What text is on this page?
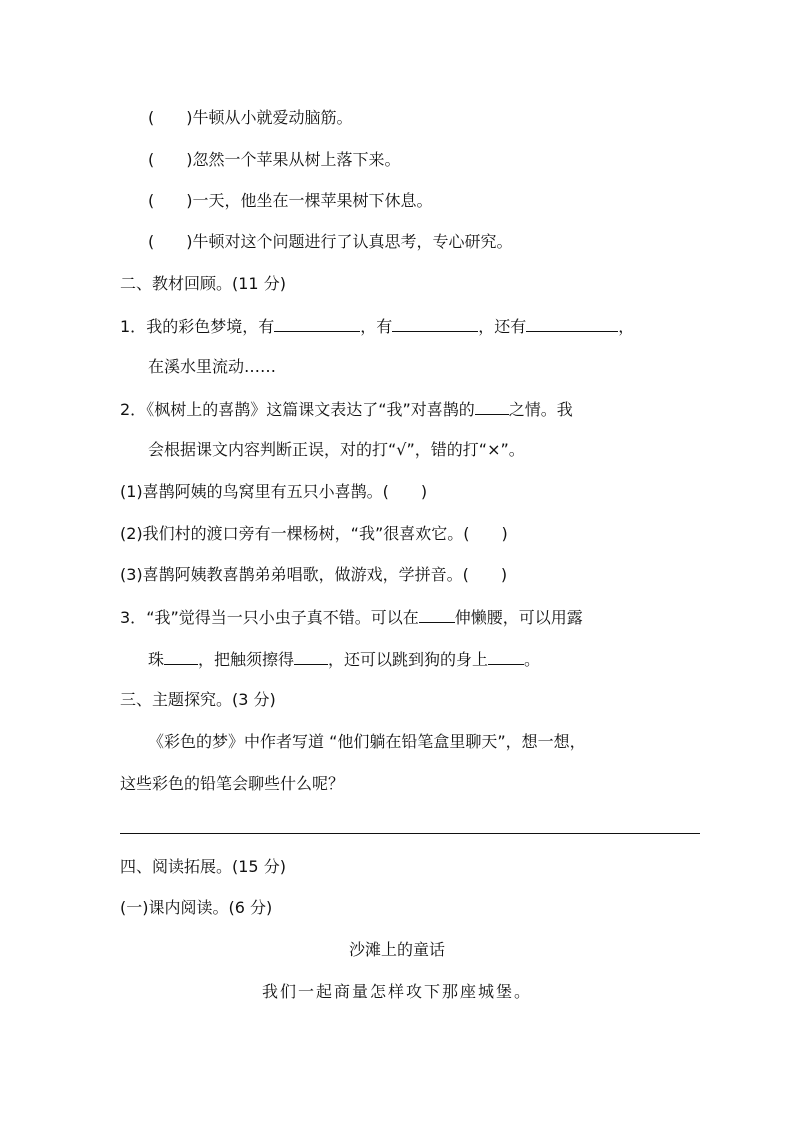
(　　)牛顿从小就爱动脑筋。
(　　)忽然一个苹果从树上落下来。
(　　)一天，他坐在一棵苹果树下休息。
(　　)牛顿对这个问题进行了认真思考，专心研究。
二、教材回顾。(11 分)
1．我的彩色梦境，有	，有	，还有	，
在溪水里流动……
2．《枫树上的喜鹊》这篇课文表达了“我”对喜鹊的 之情。我
会根据课文内容判断正误，对的打“√”，错的打“×”。
(1)喜鹊阿姨的鸟窝里有五只小喜鹊。(　　)
(2)我们村的渡口旁有一棵杨树，“我”很喜欢它。(　　)
(3)喜鹊阿姨教喜鹊弟弟唱歌，做游戏，学拼音。(　　)
3．“我”觉得当一只小虫子真不错。可以在 伸懒腰，可以用露
珠 ，把触须擦得 ，还可以跳到狗的身上 。
三、主题探究。(3 分)
《彩色的梦》中作者写道 “他们躺在铅笔盒里聊天”，想一想，
这些彩色的铅笔会聊些什么呢？
四、阅读拓展。(15 分)
(一)课内阅读。(6 分)
沙滩上的童话
我们一起商量怎样攻下那座城堡。
